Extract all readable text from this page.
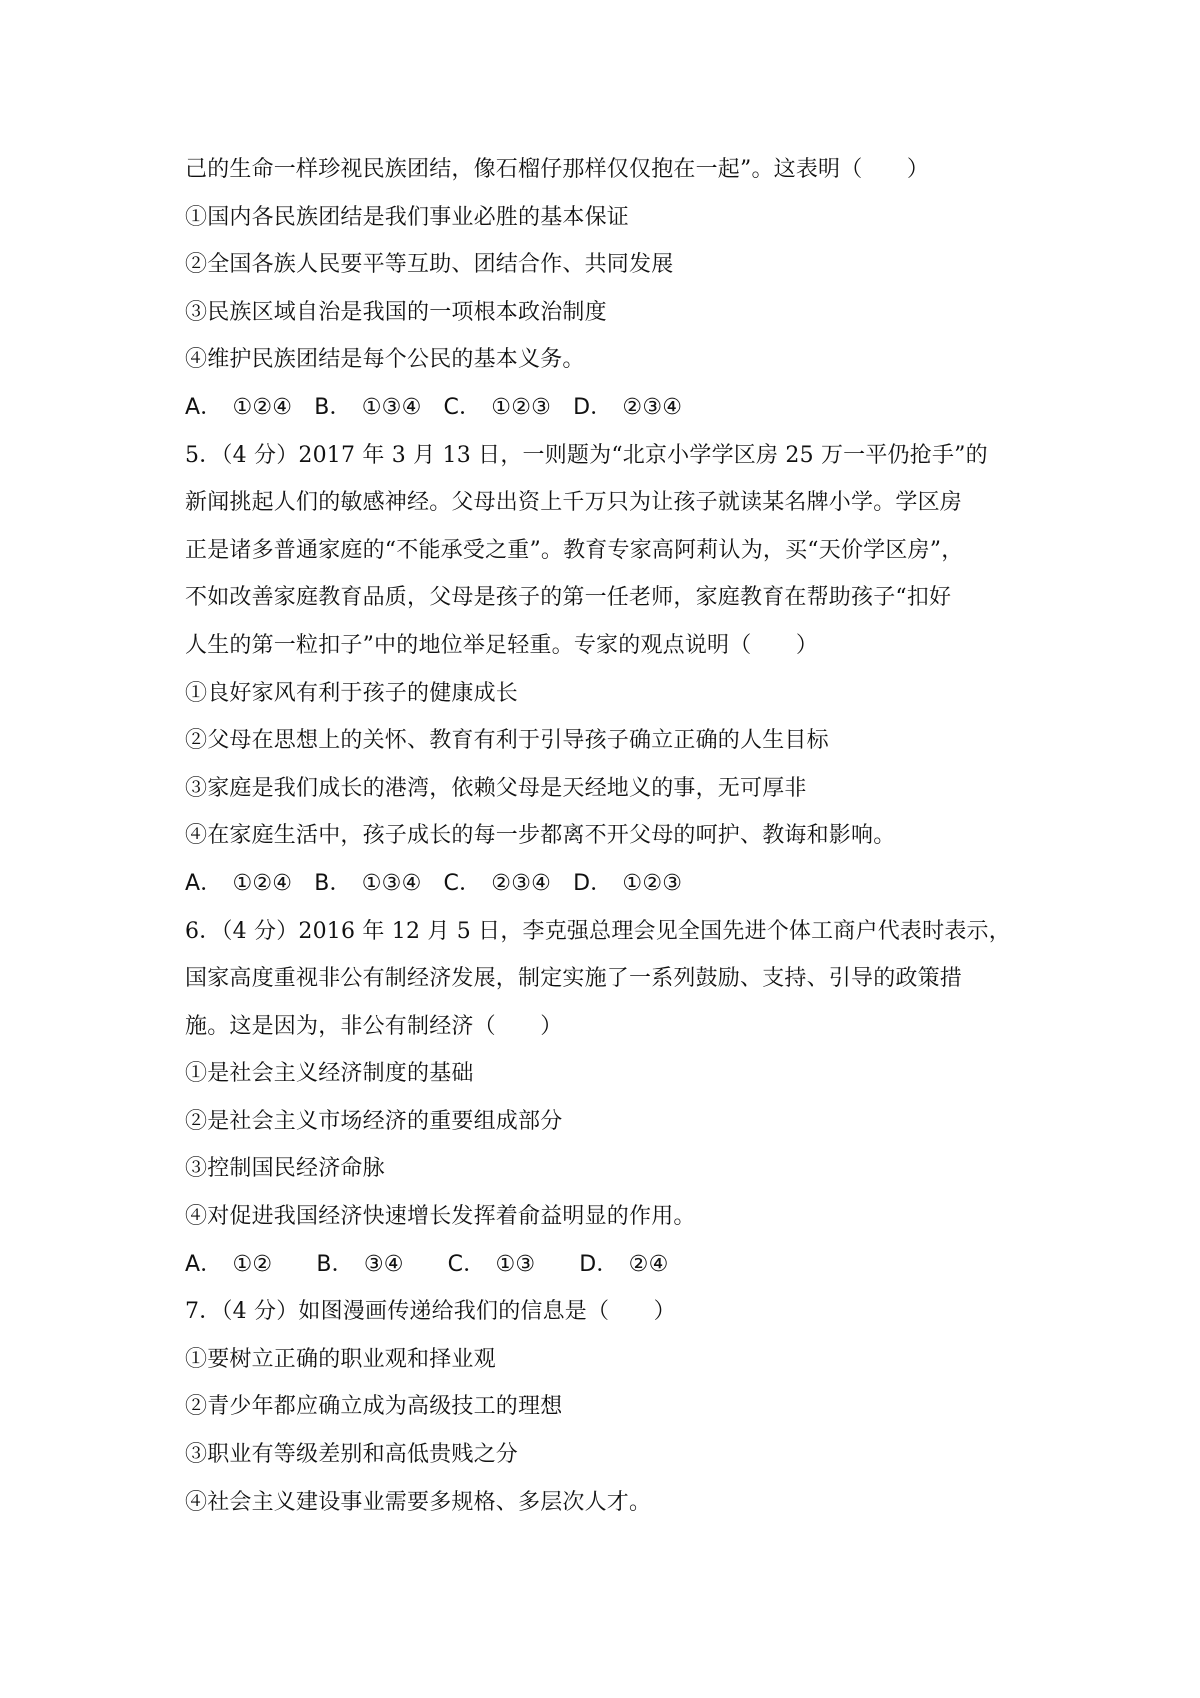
己的生命一样珍视民族团结，像石榴仔那样仅仅抱在一起”。这表明（　　）
①国内各民族团结是我们事业必胜的基本保证
②全国各族人民要平等互助、团结合作、共同发展
③民族区域自治是我国的一项根本政治制度
④维护民族团结是每个公民的基本义务。
A． ①②④ B． ①③④ C． ①②③ D． ②③④
5．（4 分）2017 年 3 月 13 日，一则题为“北京小学学区房 25 万一平仍抢手”的
新闻挑起人们的敏感神经。父母出资上千万只为让孩子就读某名牌小学。学区房
正是诸多普通家庭的“不能承受之重”。教育专家高阿莉认为，买“天价学区房”，
不如改善家庭教育品质，父母是孩子的第一任老师，家庭教育在帮助孩子“扣好
人生的第一粒扣子”中的地位举足轻重。专家的观点说明（　　）
①良好家风有利于孩子的健康成长
②父母在思想上的关怀、教育有利于引导孩子确立正确的人生目标
③家庭是我们成长的港湾，依赖父母是天经地义的事，无可厚非
④在家庭生活中，孩子成长的每一步都离不开父母的呵护、教诲和影响。
A． ①②④ B． ①③④ C． ②③④ D． ①②③
6．（4 分）2016 年 12 月 5 日，李克强总理会见全国先进个体工商户代表时表示，
国家高度重视非公有制经济发展，制定实施了一系列鼓励、支持、引导的政策措
施。这是因为，非公有制经济（　　）
①是社会主义经济制度的基础
②是社会主义市场经济的重要组成部分
③控制国民经济命脉
④对促进我国经济快速增长发挥着俞益明显的作用。
A． ①② B． ③④ C． ①③ D． ②④
7．（4 分）如图漫画传递给我们的信息是（　　）
①要树立正确的职业观和择业观
②青少年都应确立成为高级技工的理想
③职业有等级差别和高低贵贱之分
④社会主义建设事业需要多规格、多层次人才。
